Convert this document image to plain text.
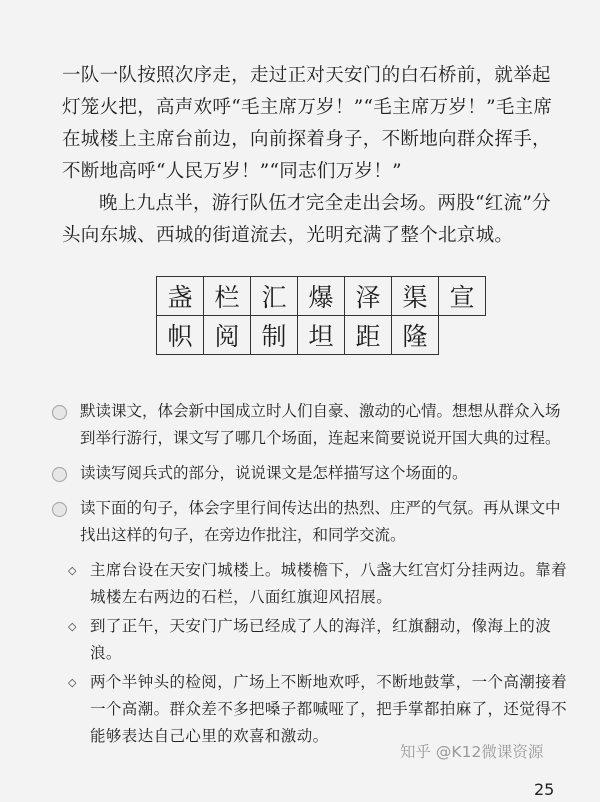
一队一队按照次序走，走过正对天安门的白石桥前，就举起灯笼火把，高声欢呼“毛主席万岁！”“毛主席万岁！”毛主席在城楼上主席台前边，向前探着身子，不断地向群众挥手，不断地高呼“人民万岁！”“同志们万岁！”

晚上九点半，游行队伍才完全走出会场。两股“红流”分头向东城、西城的街道流去，光明充满了整个北京城。

盏	栏	汇	爆	泽	渠	宣
帜	阅	制	坦	距	隆	
默读课文，体会新中国成立时人们自豪、激动的心情。想想从群众入场到举行游行，课文写了哪几个场面，连起来简要说说开国大典的过程。
读读写阅兵式的部分，说说课文是怎样描写这个场面的。
读下面的句子，体会字里行间传达出的热烈、庄严的气氛。再从课文中找出这样的句子，在旁边作批注，和同学交流。
◇ 主席台设在天安门城楼上。城楼檐下，八盏大红宫灯分挂两边。靠着城楼左右两边的石栏，八面红旗迎风招展。
◇ 到了正午，天安门广场已经成了人的海洋，红旗翻动，像海上的波浪。
◇ 两个半钟头的检阅，广场上不断地欢呼，不断地鼓掌，一个高潮接着一个高潮。群众差不多把嗓子都喊哑了，把手掌都拍麻了，还觉得不能够表达自己心里的欢喜和激动。
知乎 @K12微课资源
25
